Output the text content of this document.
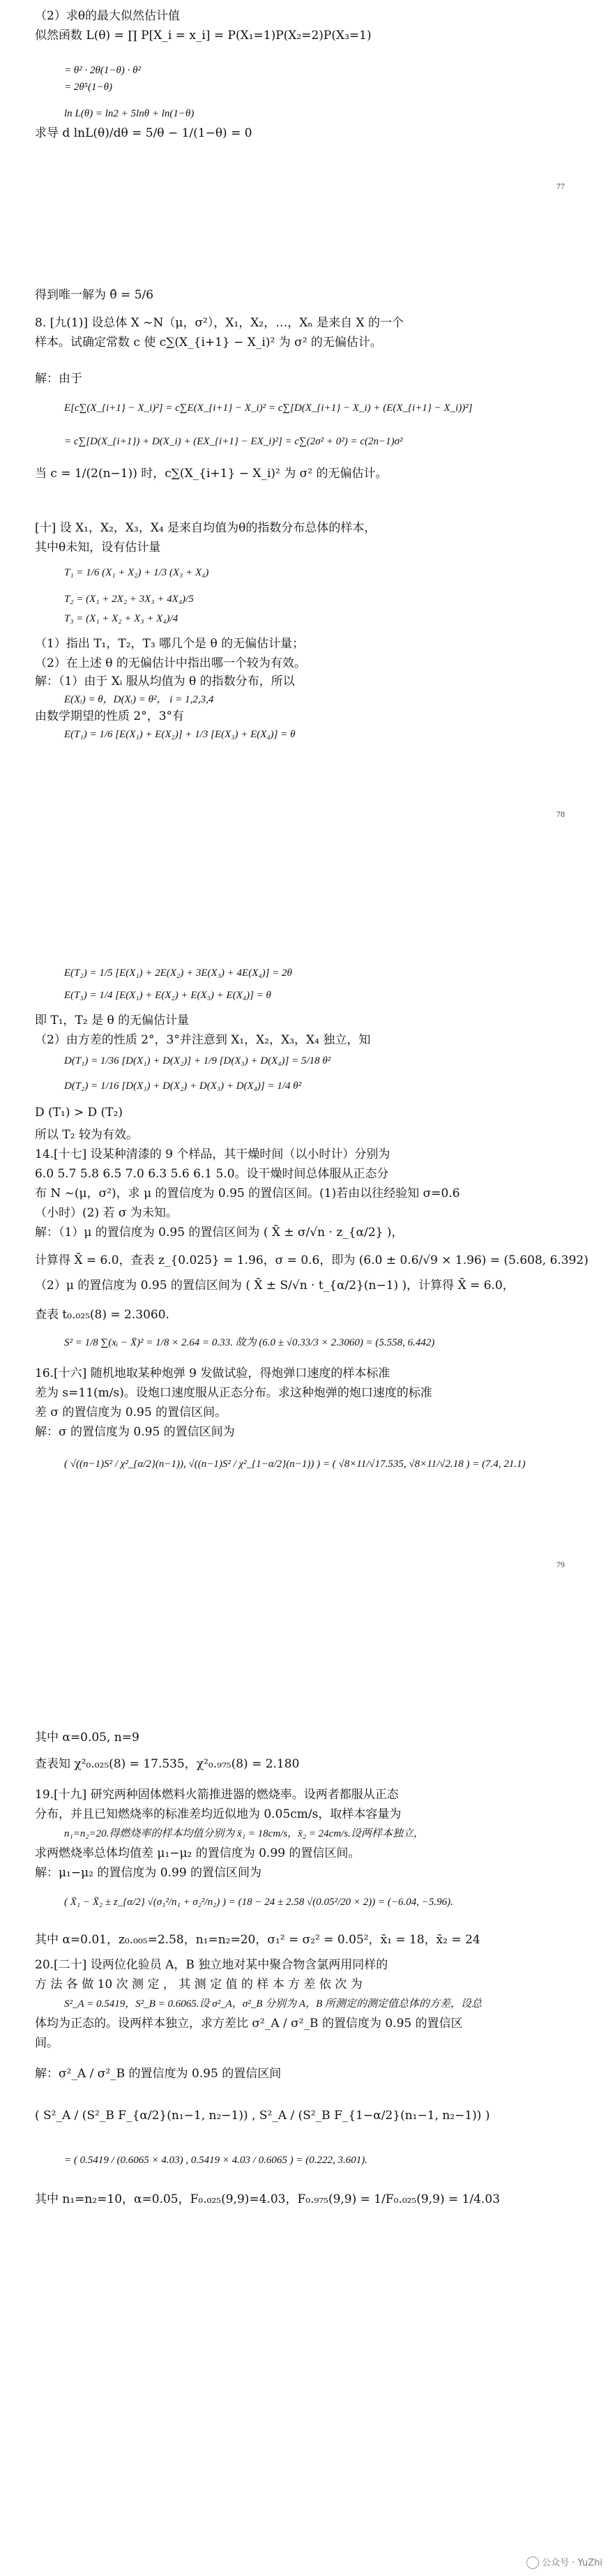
（2）求θ的最大似然估计值
似然函数 L(θ) = ∏ P[X_i = x_i] = P(X₁=1)P(X₂=2)P(X₃=1)
= θ² · 2θ(1−θ) · θ²
= 2θ⁵(1−θ)
ln L(θ) = ln2 + 5lnθ + ln(1−θ)
求导 d lnL(θ)/dθ = 5/θ − 1/(1−θ) = 0
得到唯一解为 θ̂ = 5/6
8. [九(1)] 设总体 X ~N（μ，σ²），X₁，X₂，…，Xₙ 是来自 X 的一个
样本。试确定常数 c 使 c∑(X_{i+1} − X_i)² 为 σ² 的无偏估计。
解：由于
E[c∑(X_{i+1} − X_i)²] = c∑E(X_{i+1} − X_i)² = c∑[D(X_{i+1} − X_i) + (E(X_{i+1} − X_i))²]
= c∑[D(X_{i+1}) + D(X_i) + (EX_{i+1} − EX_i)²] = c∑(2σ² + 0²) = c(2n−1)σ²
当 c = 1/(2(n−1)) 时，c∑(X_{i+1} − X_i)² 为 σ² 的无偏估计。
[十] 设 X₁，X₂，X₃，X₄ 是来自均值为θ的指数分布总体的样本，
其中θ未知，设有估计量
T₁ = 1/6 (X₁ + X₂) + 1/3 (X₃ + X₄)
T₂ = (X₁ + 2X₂ + 3X₃ + 4X₄)/5
T₃ = (X₁ + X₂ + X₃ + X₄)/4
（1）指出 T₁，T₂，T₃ 哪几个是 θ 的无偏估计量；
（2）在上述 θ 的无偏估计中指出哪一个较为有效。
解：（1）由于 Xᵢ 服从均值为 θ 的指数分布，所以
E(Xᵢ) = θ，D(Xᵢ) = θ²， i = 1,2,3,4
由数学期望的性质 2°，3°有
E(T₁) = 1/6 [E(X₁) + E(X₂)] + 1/3 [E(X₃) + E(X₄)] = θ
E(T₂) = 1/5 [E(X₁) + 2E(X₂) + 3E(X₃) + 4E(X₄)] = 2θ
E(T₃) = 1/4 [E(X₁) + E(X₂) + E(X₃) + E(X₄)] = θ
即 T₁，T₂ 是 θ 的无偏估计量
（2）由方差的性质 2°，3°并注意到 X₁，X₂，X₃，X₄ 独立，知
D(T₁) = 1/36 [D(X₁) + D(X₂)] + 1/9 [D(X₃) + D(X₄)] = 5/18 θ²
D(T₂) = 1/16 [D(X₁) + D(X₂) + D(X₃) + D(X₄)] = 1/4 θ²
D (T₁) > D (T₂)
所以 T₂ 较为有效。
14.[十七] 设某种清漆的 9 个样品，其干燥时间（以小时计）分别为
6.0 5.7 5.8 6.5 7.0 6.3 5.6 6.1 5.0。设干燥时间总体服从正态分
布 N ~(μ，σ²)，求 μ 的置信度为 0.95 的置信区间。(1)若由以往经验知 σ=0.6
（小时）(2) 若 σ 为未知。
解：（1）μ 的置信度为 0.95 的置信区间为 ( X̄ ± σ/√n · z_{α/2} )，
计算得 X̄ = 6.0，查表 z_{0.025} = 1.96，σ = 0.6，即为 (6.0 ± 0.6/√9 × 1.96) = (5.608, 6.392)
（2）μ 的置信度为 0.95 的置信区间为 ( X̄ ± S/√n · t_{α/2}(n−1) )，计算得 X̄ = 6.0，
查表 t₀.₀₂₅(8) = 2.3060.
S² = 1/8 ∑(xᵢ − X̄)² = 1/8 × 2.64 = 0.33. 故为 (6.0 ± √0.33/3 × 2.3060) = (5.558, 6.442)
16.[十六] 随机地取某种炮弹 9 发做试验，得炮弹口速度的样本标准
差为 s=11(m/s)。设炮口速度服从正态分布。求这种炮弹的炮口速度的标准
差 σ 的置信度为 0.95 的置信区间。
解：σ 的置信度为 0.95 的置信区间为
( √((n−1)S² / χ²_{α/2}(n−1)), √((n−1)S² / χ²_{1−α/2}(n−1)) ) = ( √8×11/√17.535, √8×11/√2.18 ) = (7.4, 21.1)
其中 α=0.05, n=9
查表知 χ²₀.₀₂₅(8) = 17.535，χ²₀.₉₇₅(8) = 2.180
19.[十九] 研究两种固体燃料火箭推进器的燃烧率。设两者都服从正态
分布，并且已知燃烧率的标准差均近似地为 0.05cm/s，取样本容量为
n₁=n₂=20.得燃烧率的样本均值分别为 x̄₁ = 18cm/s，x̄₂ = 24cm/s.设两样本独立，
求两燃烧率总体均值差 μ₁−μ₂ 的置信度为 0.99 的置信区间。
解：μ₁−μ₂ 的置信度为 0.99 的置信区间为
( X̄₁ − X̄₂ ± z_{α/2} √(σ₁²/n₁ + σ₂²/n₂) ) = (18 − 24 ± 2.58 √(0.05²/20 × 2)) = (−6.04, −5.96).
其中 α=0.01，z₀.₀₀₅=2.58，n₁=n₂=20，σ₁² = σ₂² = 0.05²，x̄₁ = 18，x̄₂ = 24
20.[二十] 设两位化验员 A，B 独立地对某中聚合物含氯两用同样的
方 法 各 做 10 次 测 定 ， 其 测 定 值 的 样 本 方 差 依 次 为
S²_A = 0.5419，S²_B = 0.6065.设 σ²_A，σ²_B 分别为 A，B 所测定的测定值总体的方差，设总
体均为正态的。设两样本独立，求方差比 σ²_A / σ²_B 的置信度为 0.95 的置信区
间。
解：σ²_A / σ²_B 的置信度为 0.95 的置信区间
( S²_A / (S²_B F_{α/2}(n₁−1, n₂−1)) , S²_A / (S²_B F_{1−α/2}(n₁−1, n₂−1)) )
= ( 0.5419 / (0.6065 × 4.03) , 0.5419 × 4.03 / 0.6065 ) = (0.222, 3.601).
其中 n₁=n₂=10，α=0.05，F₀.₀₂₅(9,9)=4.03，F₀.₉₇₅(9,9) = 1/F₀.₀₂₅(9,9) = 1/4.03
77
78
79
公众号 · YuZhi
